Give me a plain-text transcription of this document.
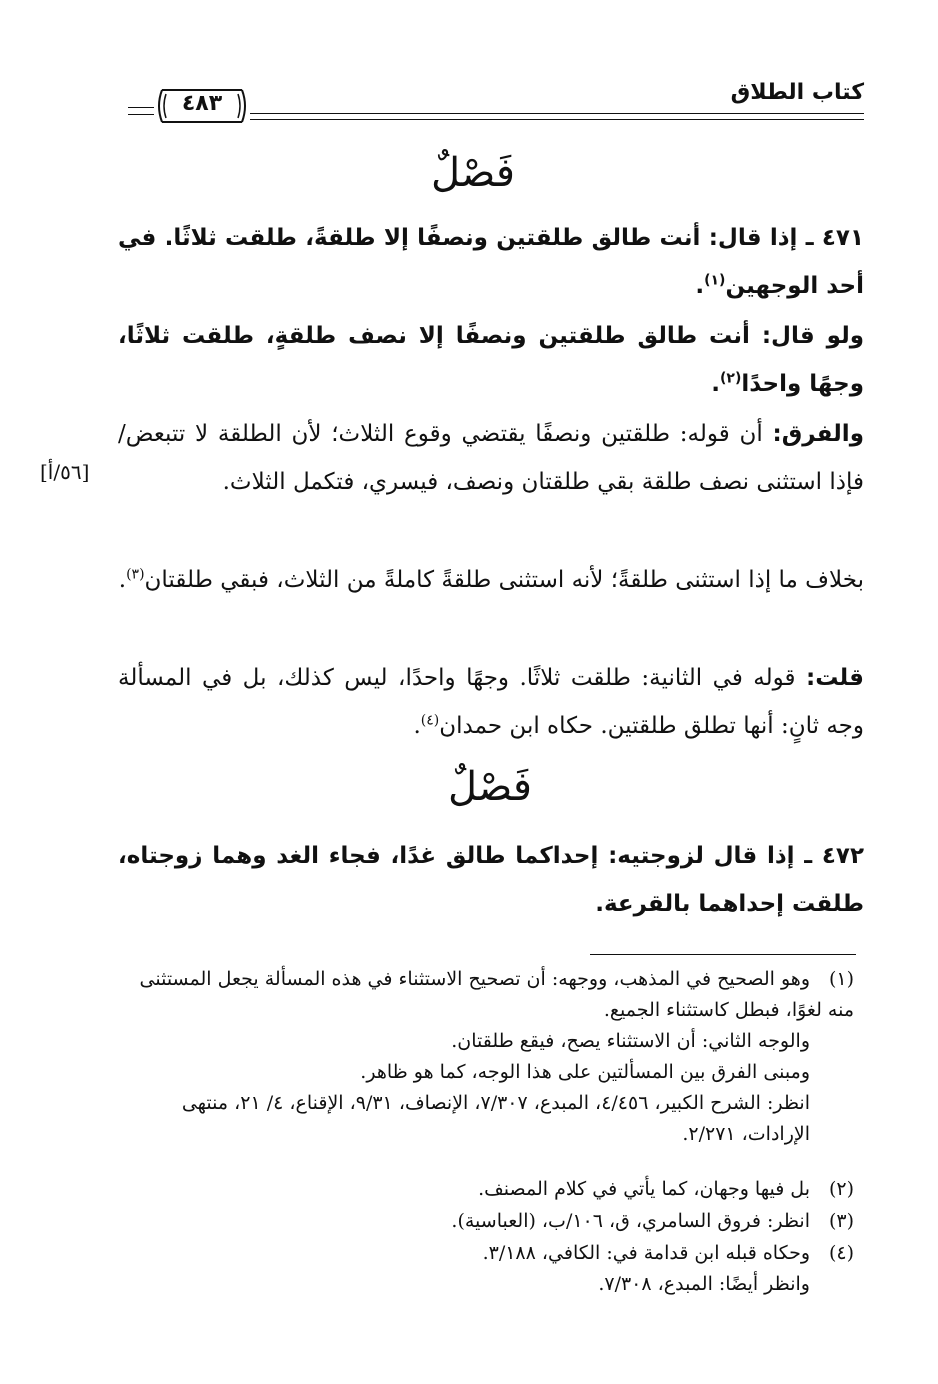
كتاب الطلاق
٤٨٣
فَصْلٌ
٤٧١ ـ إذا قال: أنت طالق طلقتين ونصفًا إلا طلقةً، طلقت ثلاثًا. في أحد الوجهين$^{(١)}$.
ولو قال: أنت طالق طلقتين ونصفًا إلا نصف طلقةٍ، طلقت ثلاثًا، وجهًا واحدًا$^{(٢)}$.
والفرق: أن قوله: طلقتين ونصفًا يقتضي وقوع الثلاث؛ لأن الطلقة لا تتبعض/ فإذا استثنى نصف طلقة بقي طلقتان ونصف، فيسري، فتكمل الثلاث.
[٥٦/أ]
بخلاف ما إذا استثنى طلقةً؛ لأنه استثنى طلقةً كاملةً من الثلاث، فبقي طلقتان$^{(٣)}$.
قلت: قوله في الثانية: طلقت ثلاثًا. وجهًا واحدًا، ليس كذلك، بل في المسألة وجه ثانٍ: أنها تطلق طلقتين. حكاه ابن حمدان$^{(٤)}$.
فَصْلٌ
٤٧٢ ـ إذا قال لزوجتيه: إحداكما طالق غدًا، فجاء الغد وهما زوجتاه، طلقت إحداهما بالقرعة.
(١)وهو الصحيح في المذهب، ووجهه: أن تصحيح الاستثناء في هذه المسألة يجعل المستثنى منه لغوًا، فبطل كاستثناء الجميع.
والوجه الثاني: أن الاستثناء يصح، فيقع طلقتان.
ومبنى الفرق بين المسألتين على هذا الوجه، كما هو ظاهر.
انظر: الشرح الكبير، ٤/٤٥٦، المبدع، ٧/٣٠٧، الإنصاف، ٩/٣١، الإقناع، ٤/ ٢١، منتهى الإرادات، ٢/٢٧١.
(٢)بل فيها وجهان، كما يأتي في كلام المصنف.
(٣)انظر: فروق السامري، ق، ١٠٦/ب، (العباسية).
(٤)وحكاه قبله ابن قدامة في: الكافي، ٣/١٨٨.
وانظر أيضًا: المبدع، ٧/٣٠٨.
